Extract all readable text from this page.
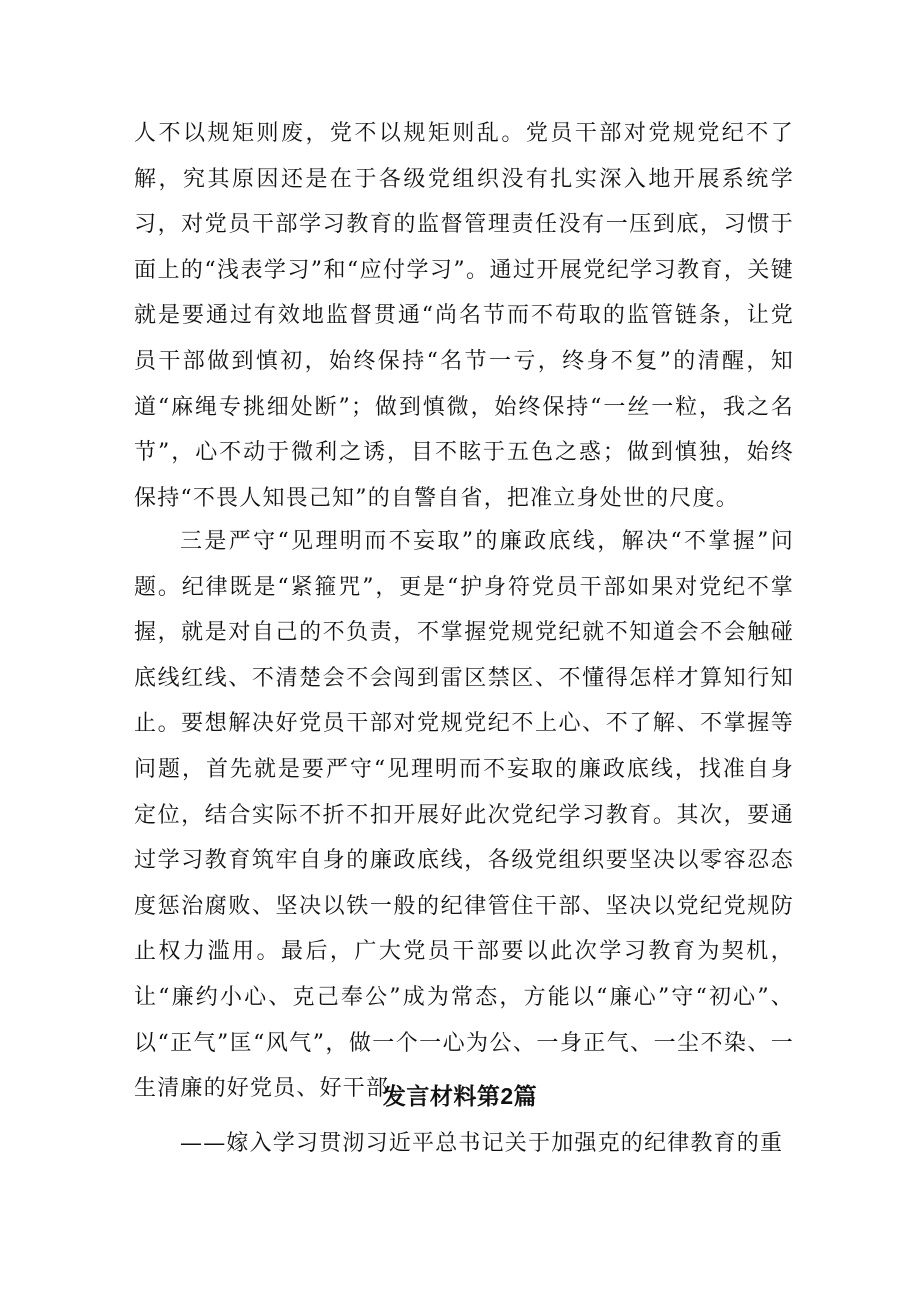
人不以规矩则废，党不以规矩则乱。党员干部对党规党纪不了解，究其原因还是在于各级党组织没有扎实深入地开展系统学习，对党员干部学习教育的监督管理责任没有一压到底，习惯于面上的“浅表学习”和“应付学习”。通过开展党纪学习教育，关键就是要通过有效地监督贯通“尚名节而不苟取的监管链条，让党员干部做到慎初，始终保持“名节一亏，终身不复”的清醒，知道“麻绳专挑细处断”；做到慎微，始终保持“一丝一粒，我之名节”，心不动于微利之诱，目不眩于五色之惑；做到慎独，始终保持“不畏人知畏己知”的自警自省，把准立身处世的尺度。

三是严守“见理明而不妄取”的廉政底线，解决“不掌握”问题。纪律既是“紧箍咒”，更是“护身符党员干部如果对党纪不掌握，就是对自己的不负责，不掌握党规党纪就不知道会不会触碰底线红线、不清楚会不会闯到雷区禁区、不懂得怎样才算知行知止。要想解决好党员干部对党规党纪不上心、不了解、不掌握等问题，首先就是要严守“见理明而不妄取的廉政底线，找准自身定位，结合实际不折不扣开展好此次党纪学习教育。其次，要通过学习教育筑牢自身的廉政底线，各级党组织要坚决以零容忍态度惩治腐败、坚决以铁一般的纪律管住干部、坚决以党纪党规防止权力滥用。最后，广大党员干部要以此次学习教育为契机，让“廉约小心、克己奉公”成为常态，方能以“廉心”守“初心”、以“正气”匡“风气”，做一个一心为公、一身正气、一尘不染、一生清廉的好党员、好干部。

发言材料第2篇

——嫁入学习贯沏习近平总书记关于加强克的纪律教育的重
